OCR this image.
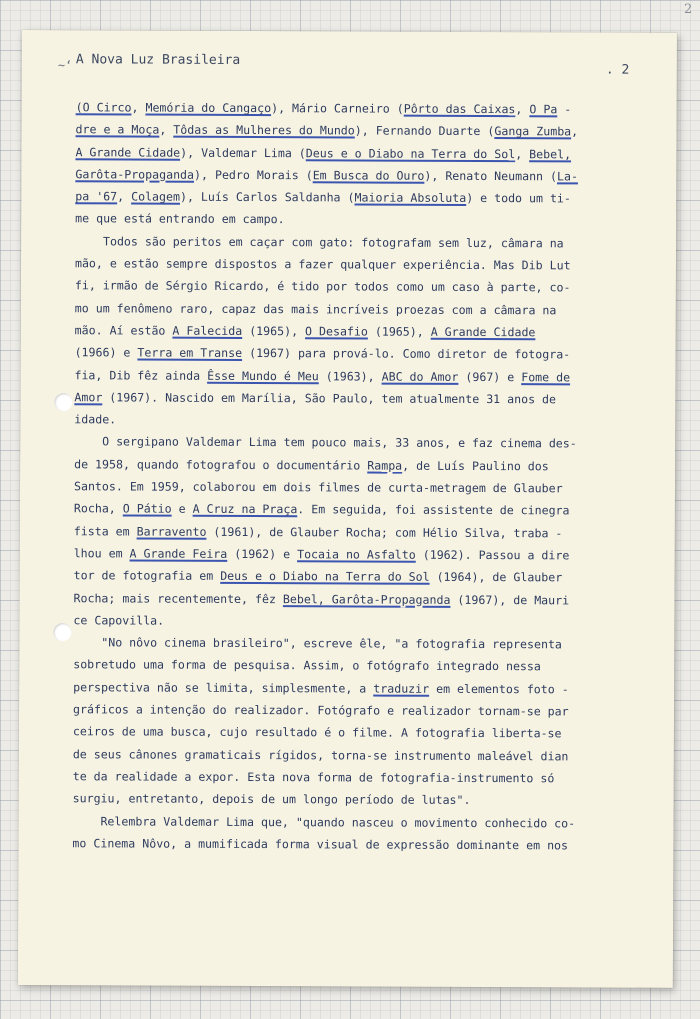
2
~‘ A Nova Luz Brasileira
. 2
(O Circo, Memória do Cangaço), Mário Carneiro (Pôrto das Caixas, O Pa -
dre e a Moça, Tôdas as Mulheres do Mundo), Fernando Duarte (Ganga Zumba,
A Grande Cidade), Valdemar Lima (Deus e o Diabo na Terra do Sol, Bebel,
Garôta-Propaganda), Pedro Morais (Em Busca do Ouro), Renato Neumann (La-
pa '67, Colagem), Luís Carlos Saldanha (Maioria Absoluta) e todo um ti-
me que está entrando em campo.
Todos são peritos em caçar com gato: fotografam sem luz, câmara na
mão, e estão sempre dispostos a fazer qualquer experiência. Mas Dib Lut
fi, irmão de Sérgio Ricardo, é tido por todos como um caso à parte, co-
mo um fenômeno raro, capaz das mais incríveis proezas com a câmara na
mão. Aí estão A Falecida (1965), O Desafio (1965), A Grande Cidade
(1966) e Terra em Transe (1967) para prová-lo. Como diretor de fotogra-
fia, Dib fêz ainda Êsse Mundo é Meu (1963), ABC do Amor (967) e Fome de
Amor (1967). Nascido em Marília, São Paulo, tem atualmente 31 anos de
idade.
O sergipano Valdemar Lima tem pouco mais, 33 anos, e faz cinema des-
de 1958, quando fotografou o documentário Rampa, de Luís Paulino dos
Santos. Em 1959, colaborou em dois filmes de curta-metragem de Glauber
Rocha, O Pátio e A Cruz na Praça. Em seguida, foi assistente de cinegra
fista em Barravento (1961), de Glauber Rocha; com Hélio Silva, traba -
lhou em A Grande Feira (1962) e Tocaia no Asfalto (1962). Passou a dire
tor de fotografia em Deus e o Diabo na Terra do Sol (1964), de Glauber
Rocha; mais recentemente, fêz Bebel, Garôta-Propaganda (1967), de Mauri
ce Capovilla.
"No nôvo cinema brasileiro", escreve êle, "a fotografia representa
sobretudo uma forma de pesquisa. Assim, o fotógrafo integrado nessa
perspectiva não se limita, simplesmente, a traduzir em elementos foto -
gráficos a intenção do realizador. Fotógrafo e realizador tornam-se par
ceiros de uma busca, cujo resultado é o filme. A fotografia liberta-se
de seus cânones gramaticais rígidos, torna-se instrumento maleável dian
te da realidade a expor. Esta nova forma de fotografia-instrumento só
surgiu, entretanto, depois de um longo período de lutas".
Relembra Valdemar Lima que, "quando nasceu o movimento conhecido co-
mo Cinema Nôvo, a mumificada forma visual de expressão dominante em nos
